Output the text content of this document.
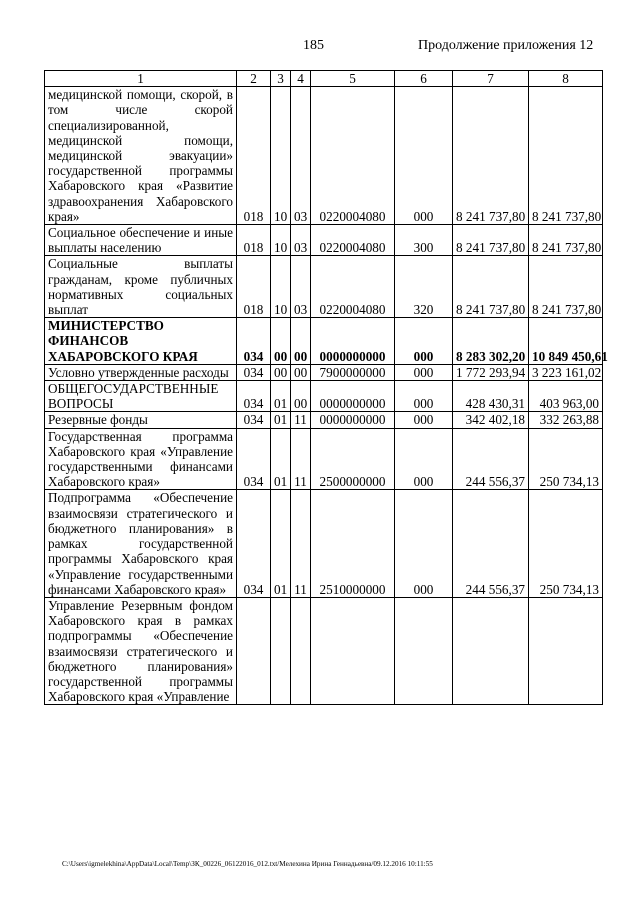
185	Продолжение приложения 12
1	2	3	4	5	6	7	8
медицинской помощи, скорой, в том числе скорой специализированной, медицинской помощи, медицинской эвакуации» государственной программы Хабаровского края «Развитие здравоохранения Хабаровского края»	018	10	03	0220004080	000	8 241 737,80	8 241 737,80
Социальное обеспечение и иные выплаты населению	018	10	03	0220004080	300	8 241 737,80	8 241 737,80
Социальные выплаты гражданам, кроме публичных нормативных социальных выплат	018	10	03	0220004080	320	8 241 737,80	8 241 737,80
МИНИСТЕРСТВО ФИНАНСОВ ХАБАРОВСКОГО КРАЯ	034	00	00	0000000000	000	8 283 302,20	10 849 450,61
Условно утвержденные расходы	034	00	00	7900000000	000	1 772 293,94	3 223 161,02
ОБЩЕГОСУДАРСТВЕННЫЕ ВОПРОСЫ	034	01	00	0000000000	000	428 430,31	403 963,00
Резервные фонды	034	01	11	0000000000	000	342 402,18	332 263,88
Государственная программа Хабаровского края «Управление государственными финансами Хабаровского края»	034	01	11	2500000000	000	244 556,37	250 734,13
Подпрограмма «Обеспечение взаимосвязи стратегического и бюджетного планирования» в рамках государственной программы Хабаровского края «Управление государственными финансами Хабаровского края»	034	01	11	2510000000	000	244 556,37	250 734,13
Управление Резервным фондом Хабаровского края в рамках подпрограммы «Обеспечение взаимосвязи стратегического и бюджетного планирования» государственной программы Хабаровского края «Управление							
C:\Users\igmelekhina\AppData\Local\Temp\ЗК_00226_06122016_012.txt/Мелехина Ирина Геннадьевна/09.12.2016 10:11:55
